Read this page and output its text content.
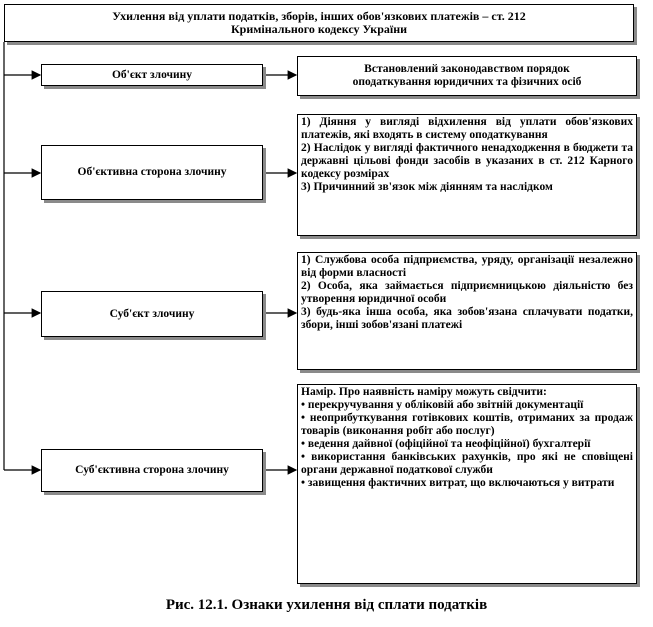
Ухилення від уплати податків, зборів, інших обов'язкових платежів – ст. 212
Кримінального кодексу України
Об'єкт злочину	Встановлений законодавством порядок
оподаткування юридичних та фізичних осіб
Об'єктивна сторона злочину

1) Діяння у вигляді відхилення від уплати обов'язкових платежів, які входять в систему оподаткування

2) Наслідок у вигляді фактичного ненадходження в бюджети та державні цільові фонди засобів в указаних в ст. 212 Карного кодексу розмірах

3) Причинний зв'язок між діянням та наслідком

Суб'єкт злочину

1) Службова особа підприємства, уряду, організації незалежно від форми власності

2) Особа, яка займається підприємницькою діяльністю без утворення юридичної особи

3) будь-яка інша особа, яка зобов'язана сплачувати податки, збори, інші зобов'язані платежі

Суб'єктивна сторона злочину

Намір. Про наявність наміру можуть свідчити:

• перекручування у обліковій або звітній документації

• неоприбуткування готівкових коштів, отриманих за продаж товарів (виконання робіт або послуг)

• ведення дайвної (офіційної та неофіційної) бухгалтерії

• використання банківських рахунків, про які не сповіщені органи державної податкової служби

• завищення фактичних витрат, що включаються у витрати

Рис. 12.1. Ознаки ухилення від сплати податків
